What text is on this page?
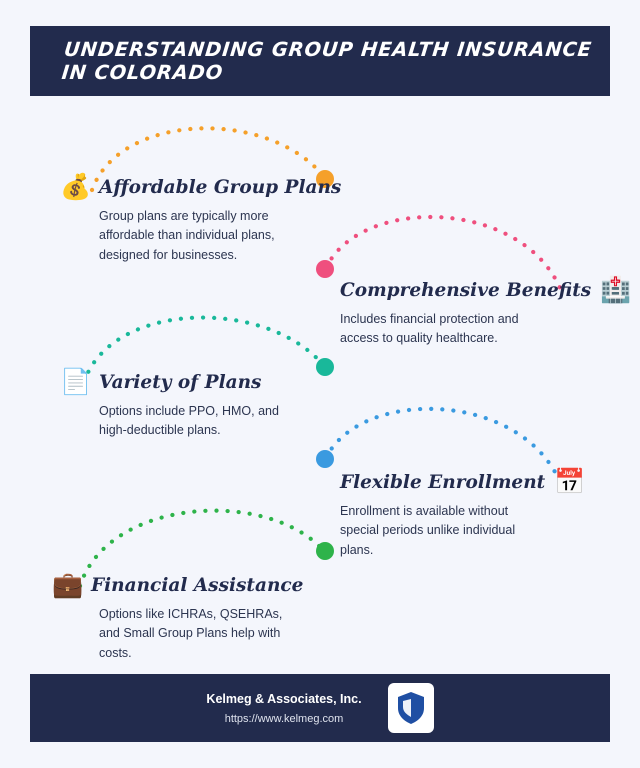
UNDERSTANDING GROUP HEALTH INSURANCE IN COLORADO
💰 Affordable Group Plans
Group plans are typically more affordable than individual plans, designed for businesses.
🏥
Comprehensive Benefits
Includes financial protection and access to quality healthcare.
📄 Variety of Plans
Options include PPO, HMO, and high-deductible plans.
📅
Flexible Enrollment
Enrollment is available without special periods unlike individual plans.
💼 Financial Assistance
Options like ICHRAs, QSEHRAs, and Small Group Plans help with costs.
Kelmeg & Associates, Inc.
https://www.kelmeg.com
